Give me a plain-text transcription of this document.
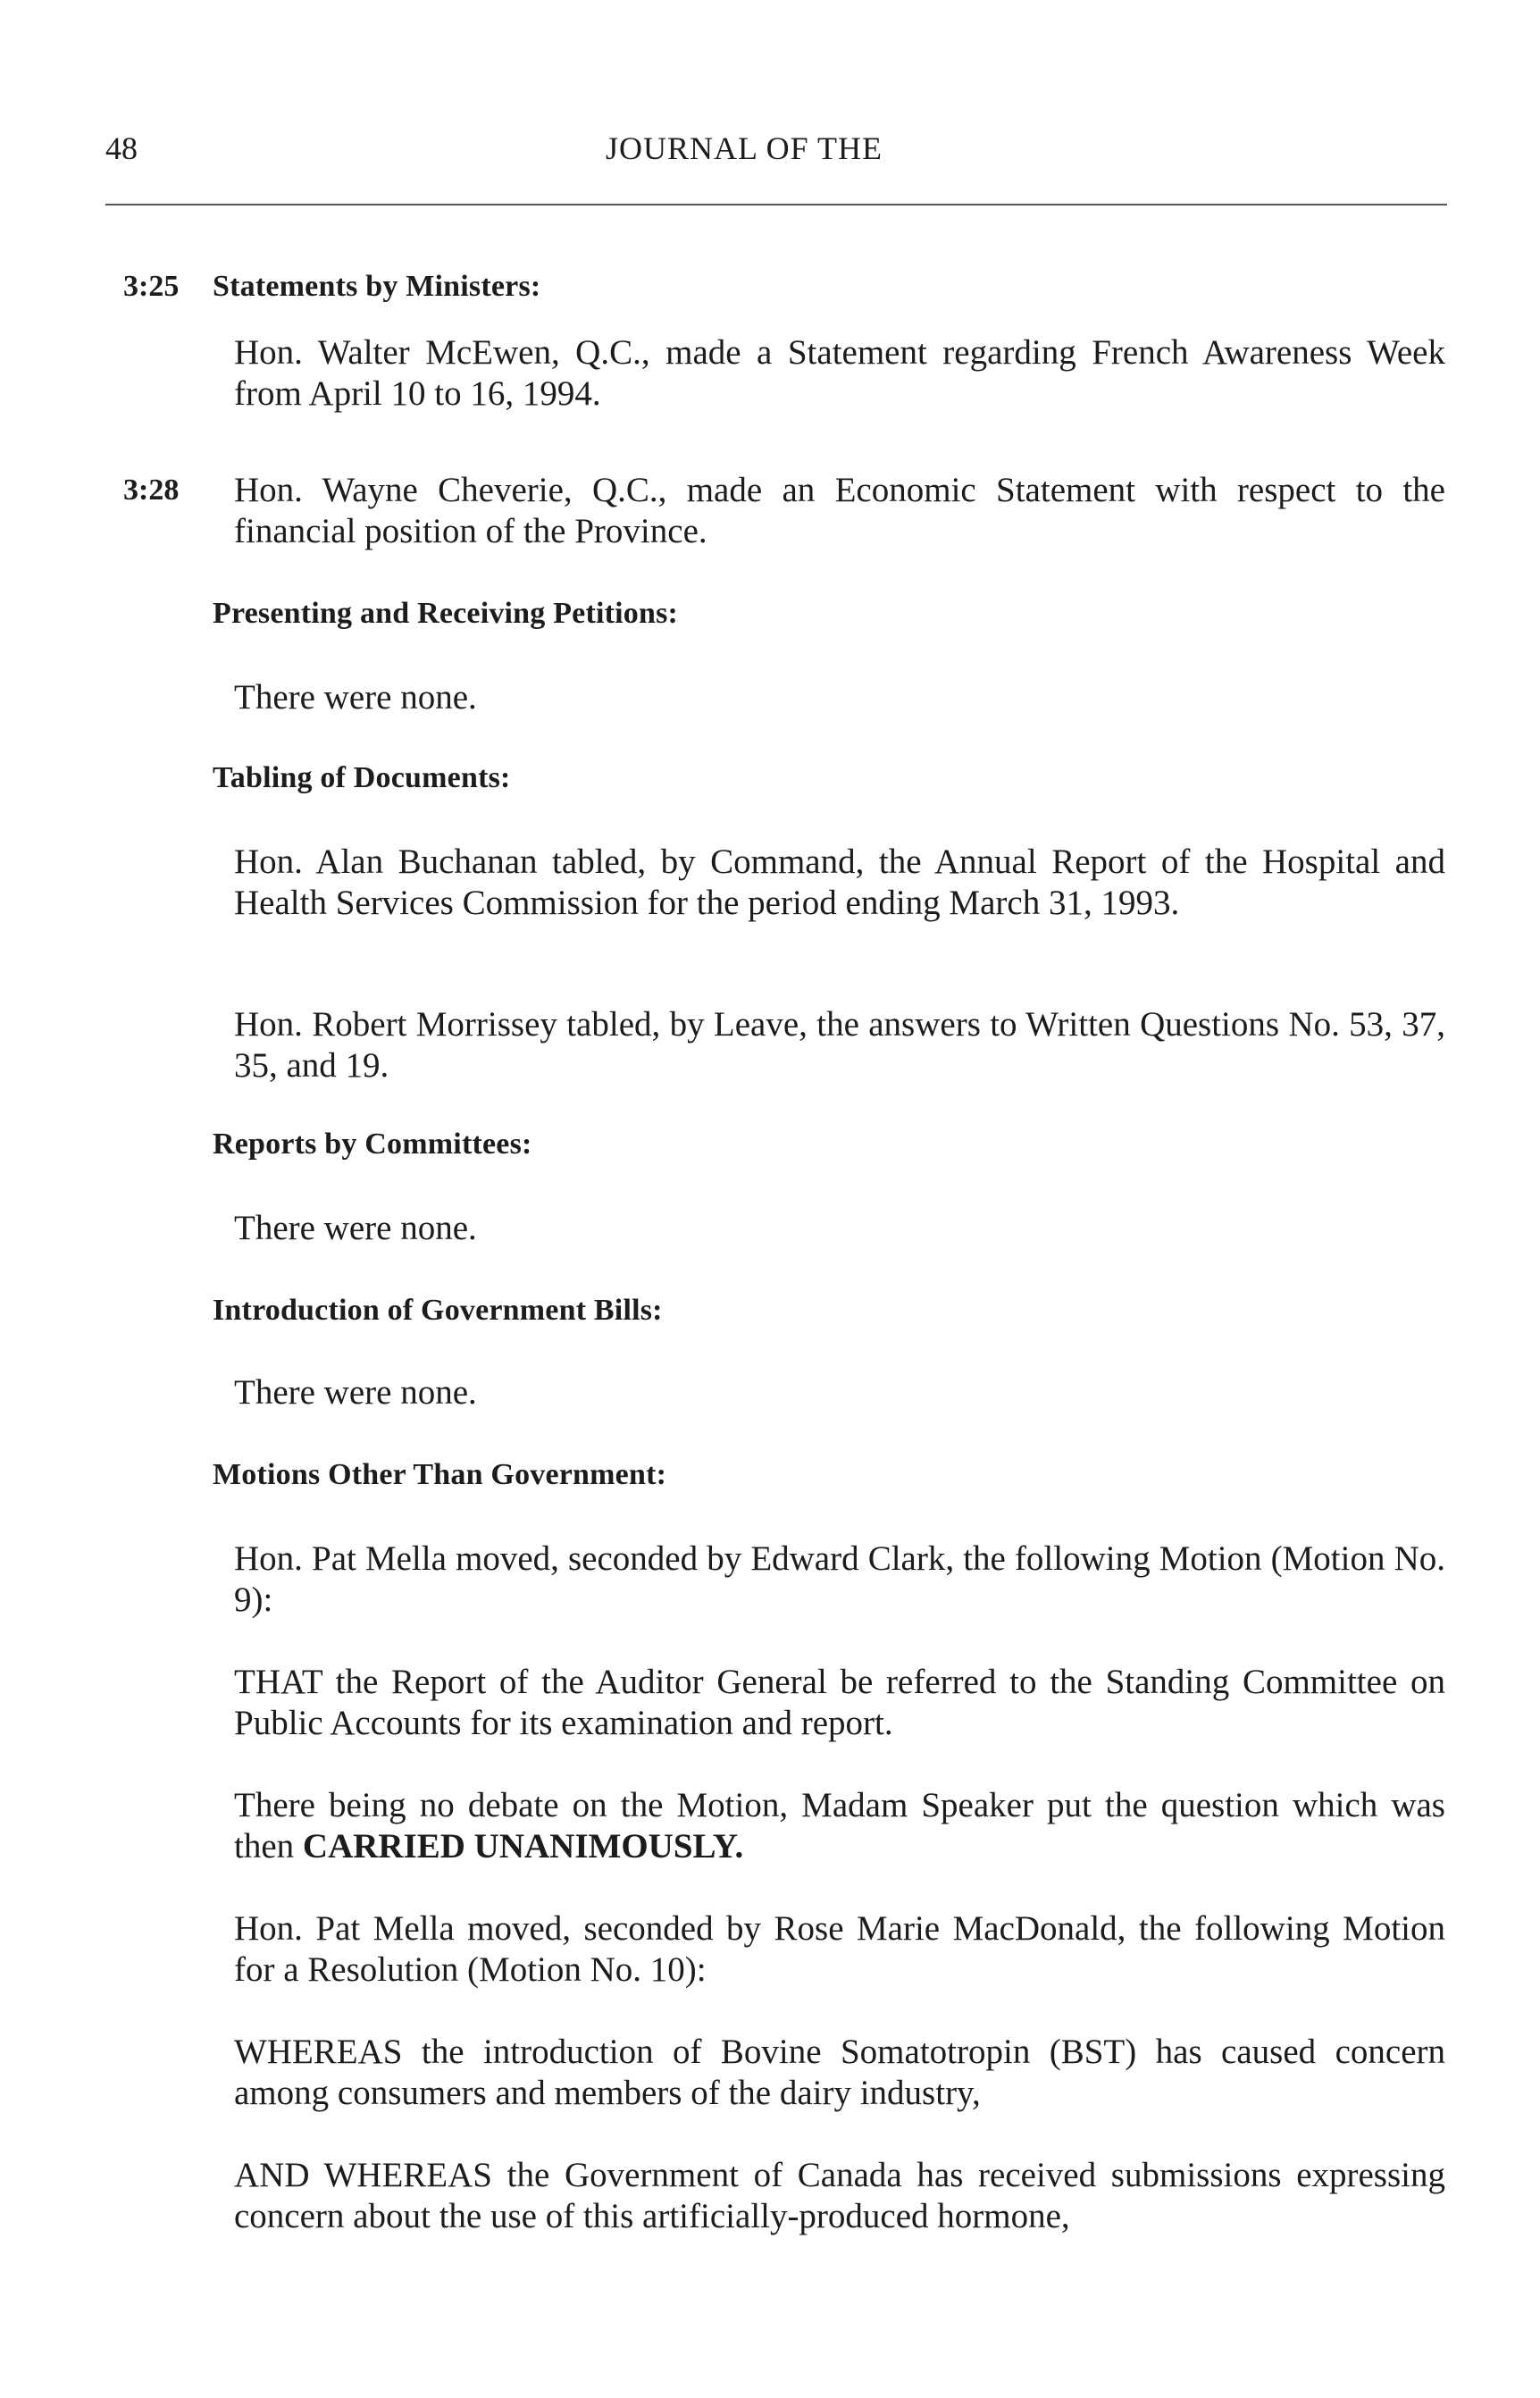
48	JOURNAL OF THE
3:25 Statements by Ministers:

Hon. Walter McEwen, Q.C., made a Statement regarding French Awareness Week from April 10 to 16, 1994.

3:28 Hon. Wayne Cheverie, Q.C., made an Economic Statement with respect to the financial position of the Province.

Presenting and Receiving Petitions:

There were none.

Tabling of Documents:

Hon. Alan Buchanan tabled, by Command, the Annual Report of the Hospital and Health Services Commission for the period ending March 31, 1993.

Hon. Robert Morrissey tabled, by Leave, the answers to Written Questions No. 53, 37, 35, and 19.

Reports by Committees:

There were none.

Introduction of Government Bills:

There were none.

Motions Other Than Government:

Hon. Pat Mella moved, seconded by Edward Clark, the following Motion (Motion No. 9):

THAT the Report of the Auditor General be referred to the Standing Committee on Public Accounts for its examination and report.

There being no debate on the Motion, Madam Speaker put the question which was then CARRIED UNANIMOUSLY.

Hon. Pat Mella moved, seconded by Rose Marie MacDonald, the following Motion for a Resolution (Motion No. 10):

WHEREAS the introduction of Bovine Somatotropin (BST) has caused concern among consumers and members of the dairy industry,

AND WHEREAS the Government of Canada has received submissions expressing concern about the use of this artificially-produced hormone,
